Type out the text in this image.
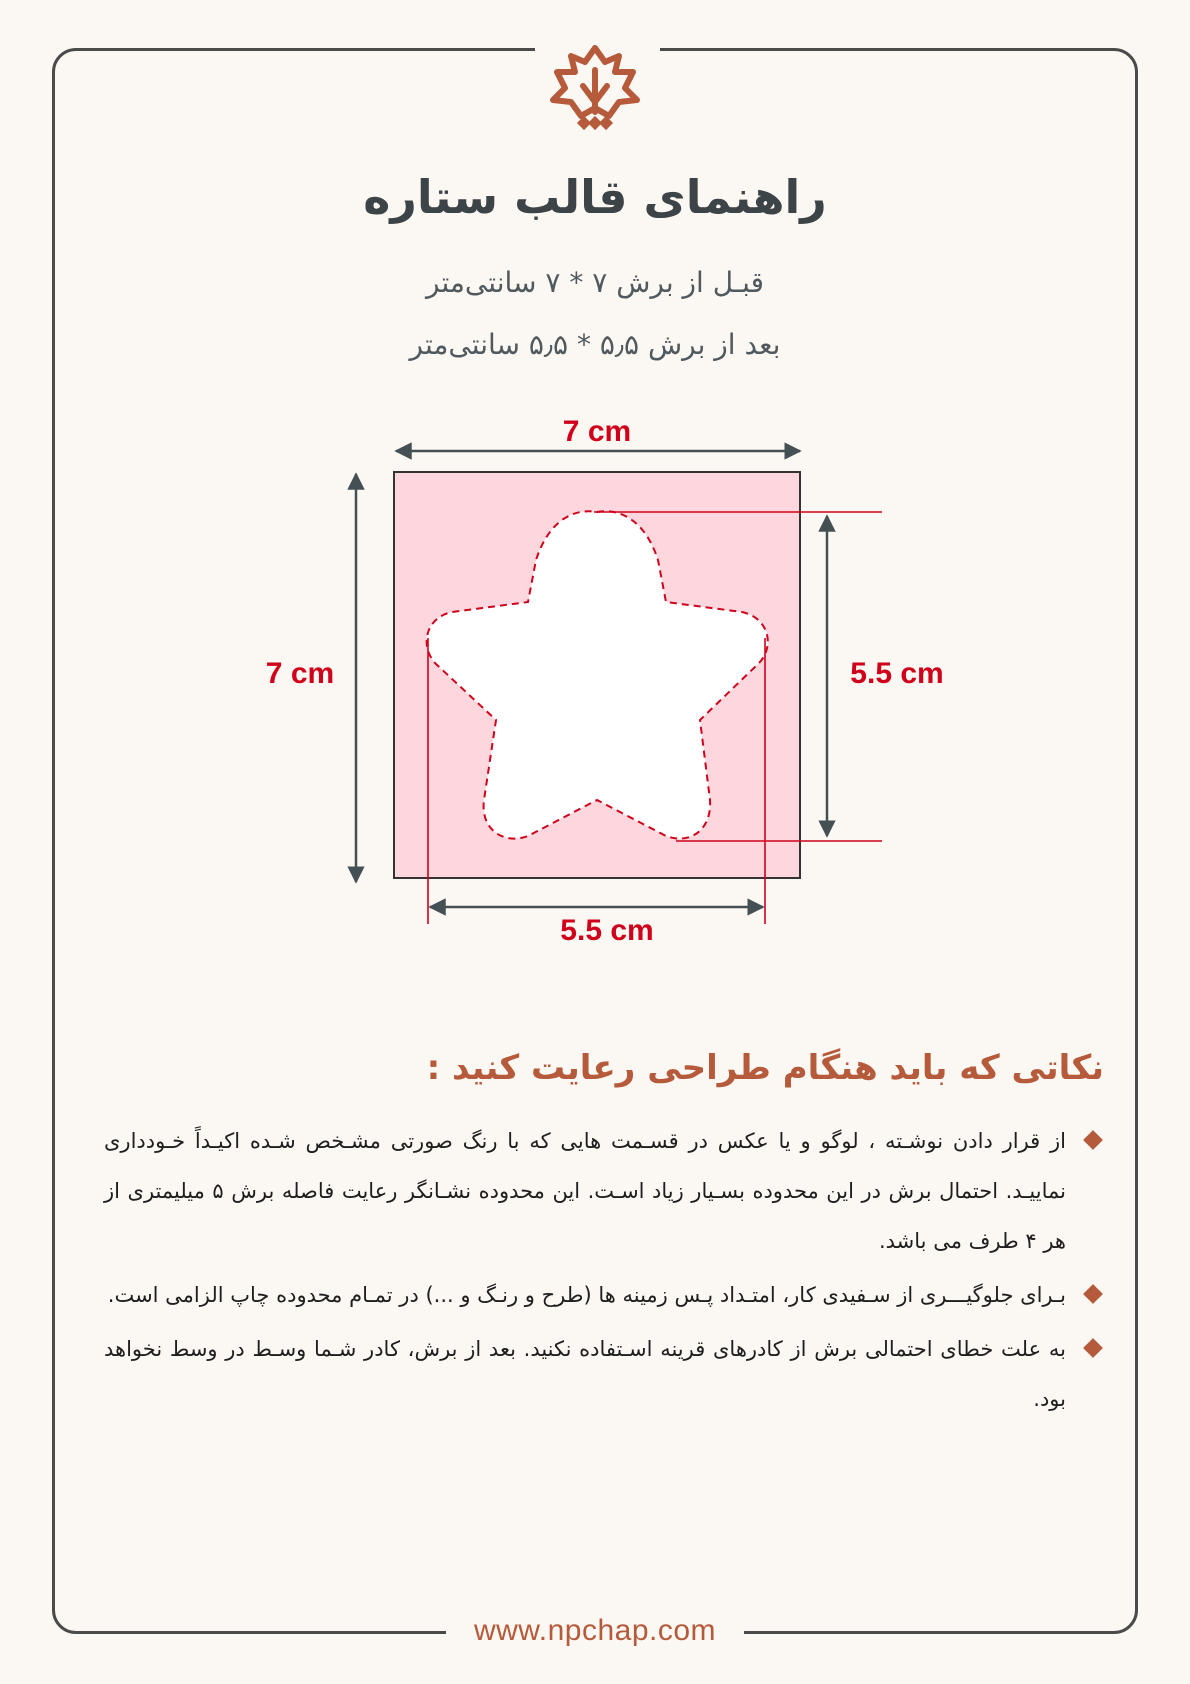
راهنمای قالب ستاره
قبـل از برش ۷ * ۷ سانتی‌متر
بعد از برش ۵٫۵ * ۵٫۵ سانتی‌متر
7 cm
7 cm	5.5 cm
5.5 cm
نکاتی که باید هنگام طراحی رعایت کنید :
از قرار دادن نوشـته ، لوگو و یا عکس در قسـمت هایی که با رنگ صورتی مشـخص شـده اکیـداً خـودداری نماییـد. احتمال برش در این محدوده بسـیار زیاد اسـت. این محدوده نشـانگر رعایت فاصله برش ۵ میلیمتری از هر ۴ طرف می باشد.
بـرای جلوگیـــری از سـفیدی کار، امتـداد پـس زمینه ها (طرح و رنـگ و ...) در تمـام محدوده چاپ الزامی است.
به علت خطای احتمالی برش از کادرهای قرینه اسـتفاده نکنید. بعد از برش، کادر شـما وسـط در وسط نخواهد بود.
www.npchap.com
